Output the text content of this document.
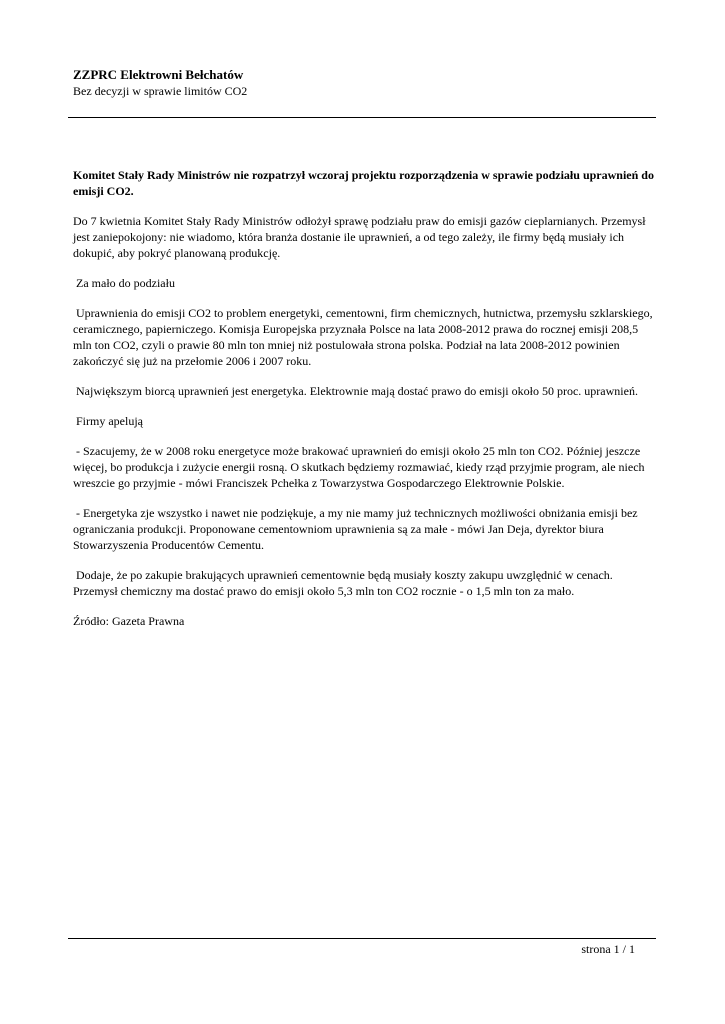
ZZPRC Elektrowni Bełchatów
Bez decyzji w sprawie limitów CO2

Komitet Stały Rady Ministrów nie rozpatrzył wczoraj projektu rozporządzenia w sprawie podziału uprawnień do emisji CO2.

Do 7 kwietnia Komitet Stały Rady Ministrów odłożył sprawę podziału praw do emisji gazów cieplarnianych. Przemysł jest zaniepokojony: nie wiadomo, która branża dostanie ile uprawnień, a od tego zależy, ile firmy będą musiały ich dokupić, aby pokryć planowaną produkcję.

Za mało do podziału

Uprawnienia do emisji CO2 to problem energetyki, cementowni, firm chemicznych, hutnictwa, przemysłu szklarskiego, ceramicznego, papierniczego. Komisja Europejska przyznała Polsce na lata 2008-2012 prawa do rocznej emisji 208,5 mln ton CO2, czyli o prawie 80 mln ton mniej niż postulowała strona polska. Podział na lata 2008-2012 powinien zakończyć się już na przełomie 2006 i 2007 roku.

Największym biorcą uprawnień jest energetyka. Elektrownie mają dostać prawo do emisji około 50 proc. uprawnień.

Firmy apelują

- Szacujemy, że w 2008 roku energetyce może brakować uprawnień do emisji około 25 mln ton CO2. Później jeszcze więcej, bo produkcja i zużycie energii rosną. O skutkach będziemy rozmawiać, kiedy rząd przyjmie program, ale niech wreszcie go przyjmie - mówi Franciszek Pchełka z Towarzystwa Gospodarczego Elektrownie Polskie.

- Energetyka zje wszystko i nawet nie podziękuje, a my nie mamy już technicznych możliwości obniżania emisji bez ograniczania produkcji. Proponowane cementowniom uprawnienia są za małe - mówi Jan Deja, dyrektor biura Stowarzyszenia Producentów Cementu.

Dodaje, że po zakupie brakujących uprawnień cementownie będą musiały koszty zakupu uwzględnić w cenach. Przemysł chemiczny ma dostać prawo do emisji około 5,3 mln ton CO2 rocznie - o 1,5 mln ton za mało.

Źródło: Gazeta Prawna

strona 1 / 1
